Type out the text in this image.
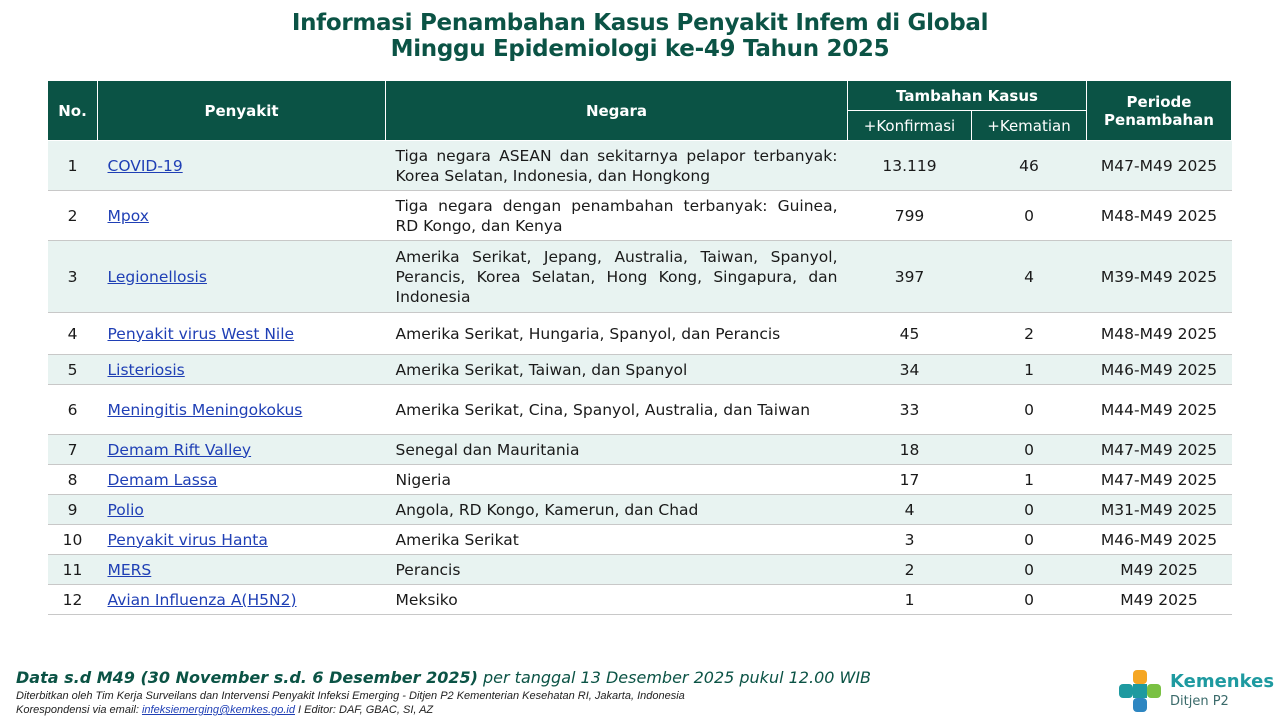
Informasi Penambahan Kasus Penyakit Infem di Global
Minggu Epidemiologi ke-49 Tahun 2025
No.	Penyakit	Negara	Tambahan Kasus		Periode
Penambahan

			+Konfirmasi	+Kematian	
1	COVID-19	Tiga negara ASEAN dan sekitarnya pelapor terbanyak: Korea Selatan, Indonesia, dan Hongkong	13.119	46	M47-M49 2025
2	Mpox	Tiga negara dengan penambahan terbanyak: Guinea, RD Kongo, dan Kenya	799	0	M48-M49 2025
3	Legionellosis	Amerika Serikat, Jepang, Australia, Taiwan, Spanyol, Perancis, Korea Selatan, Hong Kong, Singapura, dan Indonesia	397	4	M39-M49 2025
4	Penyakit virus West Nile	Amerika Serikat, Hungaria, Spanyol, dan Perancis	45	2	M48-M49 2025
5	Listeriosis	Amerika Serikat, Taiwan, dan Spanyol	34	1	M46-M49 2025
6	Meningitis Meningokokus	Amerika Serikat, Cina, Spanyol, Australia, dan Taiwan	33	0	M44-M49 2025
7	Demam Rift Valley	Senegal dan Mauritania	18	0	M47-M49 2025
8	Demam Lassa	Nigeria	17	1	M47-M49 2025
9	Polio	Angola, RD Kongo, Kamerun, dan Chad	4	0	M31-M49 2025
10	Penyakit virus Hanta	Amerika Serikat	3	0	M46-M49 2025
11	MERS	Perancis	2	0	M49 2025
12	Avian Influenza A(H5N2)	Meksiko	1	0	M49 2025
Data s.d M49 (30 November s.d. 6 Desember 2025) per tanggal 13 Desember 2025 pukul 12.00 WIB
Diterbitkan oleh Tim Kerja Surveilans dan Intervensi Penyakit Infeksi Emerging - Ditjen P2 Kementerian Kesehatan RI, Jakarta, Indonesia
Korespondensi via email: infeksiemerging@kemkes.go.id I Editor: DAF, GBAC, SI, AZ
Kemenkes
Ditjen P2
